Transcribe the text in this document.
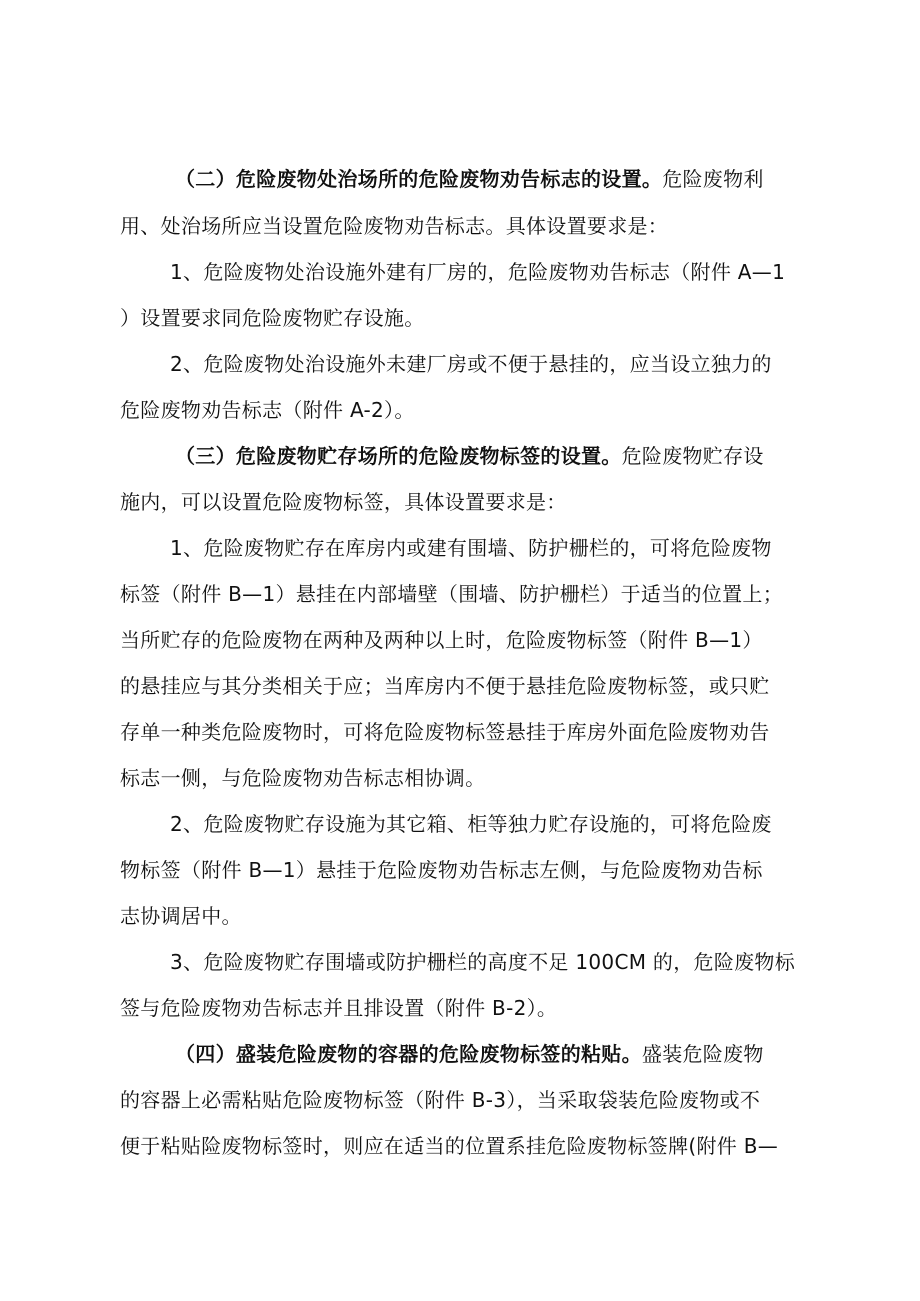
（二）危险废物处治场所的危险废物劝告标志的设置。危险废物利
用、处治场所应当设置危险废物劝告标志。具体设置要求是：
1、危险废物处治设施外建有厂房的，危险废物劝告标志（附件 A—1
）设置要求同危险废物贮存设施。
2、危险废物处治设施外未建厂房或不便于悬挂的，应当设立独力的
危险废物劝告标志（附件 A-2）。
（三）危险废物贮存场所的危险废物标签的设置。危险废物贮存设
施内，可以设置危险废物标签，具体设置要求是：
1、危险废物贮存在库房内或建有围墙、防护栅栏的，可将危险废物
标签（附件 B—1）悬挂在内部墙壁（围墙、防护栅栏）于适当的位置上；
当所贮存的危险废物在两种及两种以上时，危险废物标签（附件 B—1）
的悬挂应与其分类相关于应；当库房内不便于悬挂危险废物标签，或只贮
存单一种类危险废物时，可将危险废物标签悬挂于库房外面危险废物劝告
标志一侧，与危险废物劝告标志相协调。
2、危险废物贮存设施为其它箱、柜等独力贮存设施的，可将危险废
物标签（附件 B—1）悬挂于危险废物劝告标志左侧，与危险废物劝告标
志协调居中。
3、危险废物贮存围墙或防护栅栏的高度不足 100CM 的，危险废物标
签与危险废物劝告标志并且排设置（附件 B-2）。
（四）盛装危险废物的容器的危险废物标签的粘贴。盛装危险废物
的容器上必需粘贴危险废物标签（附件 B-3），当采取袋装危险废物或不
便于粘贴险废物标签时，则应在适当的位置系挂危险废物标签牌(附件 B—
